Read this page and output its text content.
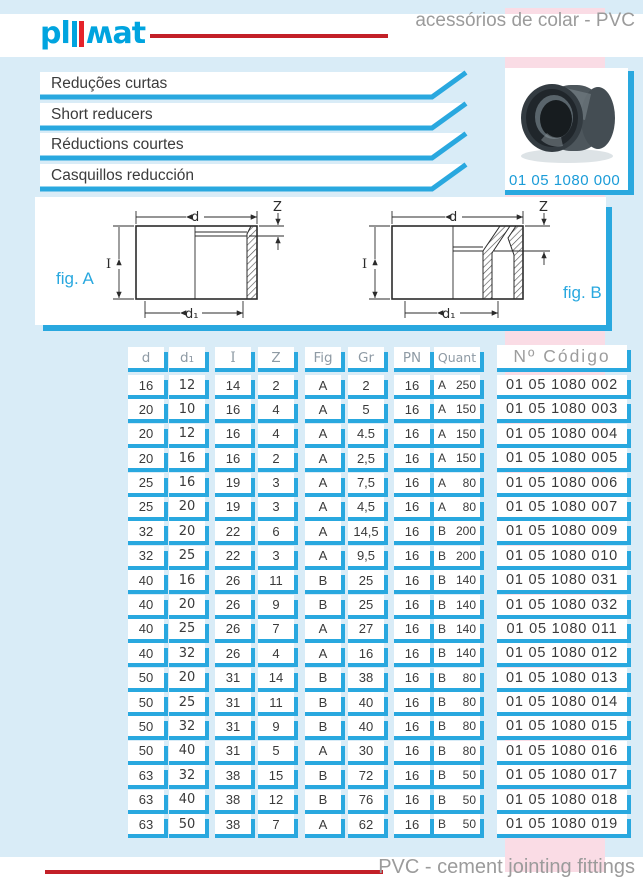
pl ʍat	acessórios de colar - PVC
Reduções curtas
Short reducers
Réductions courtes
Casquillos reducción	01 05 1080 000
fig. A
fig. B
d
Z
d₁
I
d
Z
d₁
I
d	d₁	I	Z	Fig	Gr	PN	Quant	Nº Código
16	12	14	2	A	2	16	A 250	01 05 1080 002
20	10	16	4	A	5	16	A 150	01 05 1080 003
20	12	16	4	A	4.5	16	A 150	01 05 1080 004
20	16	16	2	A	2,5	16	A 150	01 05 1080 005
25	16	19	3	A	7,5	16	A 80	01 05 1080 006
25	20	19	3	A	4,5	16	A 80	01 05 1080 007
32	20	22	6	A	14,5	16	B 200	01 05 1080 009
32	25	22	3	A	9,5	16	B 200	01 05 1080 010
40	16	26	11	B	25	16	B 140	01 05 1080 031
40	20	26	9	B	25	16	B 140	01 05 1080 032
40	25	26	7	A	27	16	B 140	01 05 1080 011
40	32	26	4	A	16	16	B 140	01 05 1080 012
50	20	31	14	B	38	16	B 80	01 05 1080 013
50	25	31	11	B	40	16	B 80	01 05 1080 014
50	32	31	9	B	40	16	B 80	01 05 1080 015
50	40	31	5	A	30	16	B 80	01 05 1080 016
63	32	38	15	B	72	16	B 50	01 05 1080 017
63	40	38	12	B	76	16	B 50	01 05 1080 018
63	50	38	7	A	62	16	B 50	01 05 1080 019
PVC - cement jointing fittings
